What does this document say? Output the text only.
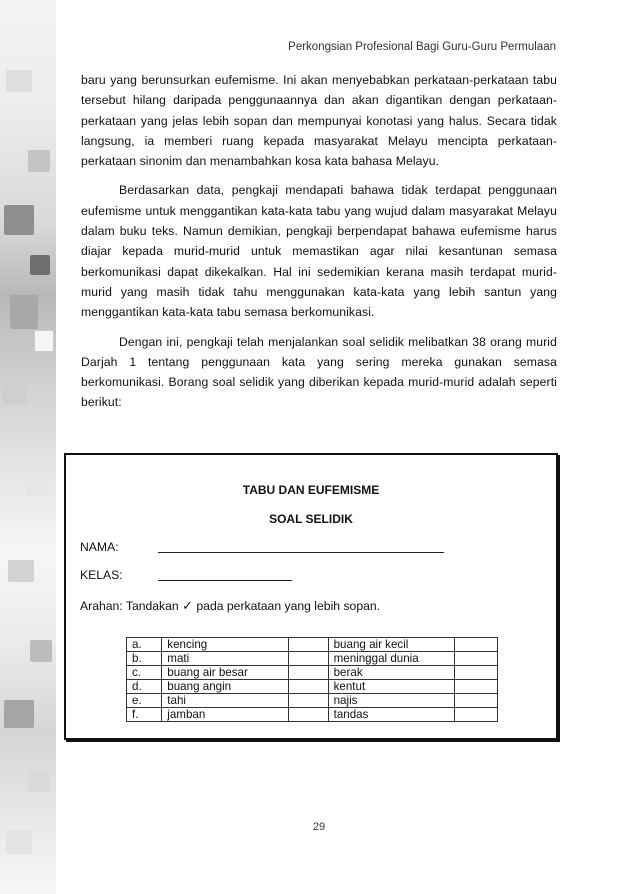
Perkongsian Profesional Bagi Guru-Guru Permulaan

baru yang berunsurkan eufemisme. Ini akan menyebabkan perkataan-perkataan tabu tersebut hilang daripada penggunaannya dan akan digantikan dengan perkataan-perkataan yang jelas lebih sopan dan mempunyai konotasi yang halus. Secara tidak langsung, ia memberi ruang kepada masyarakat Melayu mencipta perkataan-perkataan sinonim dan menambahkan kosa kata bahasa Melayu.

Berdasarkan data, pengkaji mendapati bahawa tidak terdapat penggunaan eufemisme untuk menggantikan kata-kata tabu yang wujud dalam masyarakat Melayu dalam buku teks. Namun demikian, pengkaji berpendapat bahawa eufemisme harus diajar kepada murid-murid untuk memastikan agar nilai kesantunan semasa berkomunikasi dapat dikekalkan. Hal ini sedemikian kerana masih terdapat murid-murid yang masih tidak tahu menggunakan kata-kata yang lebih santun yang menggantikan kata-kata tabu semasa berkomunikasi.

Dengan ini, pengkaji telah menjalankan soal selidik melibatkan 38 orang murid Darjah 1 tentang penggunaan kata yang sering mereka gunakan semasa berkomunikasi. Borang soal selidik yang diberikan kepada murid-murid adalah seperti berikut:

TABU DAN EUFEMISME
SOAL SELIDIK
NAMA:
KELAS:
Arahan: Tandakan ✓ pada perkataan yang lebih sopan.
a.	kencing		buang air kecil	
b.	mati		meninggal dunia	
c.	buang air besar		berak	
d.	buang angin		kentut	
e.	tahi		najis	
f.	jamban		tandas	
29
